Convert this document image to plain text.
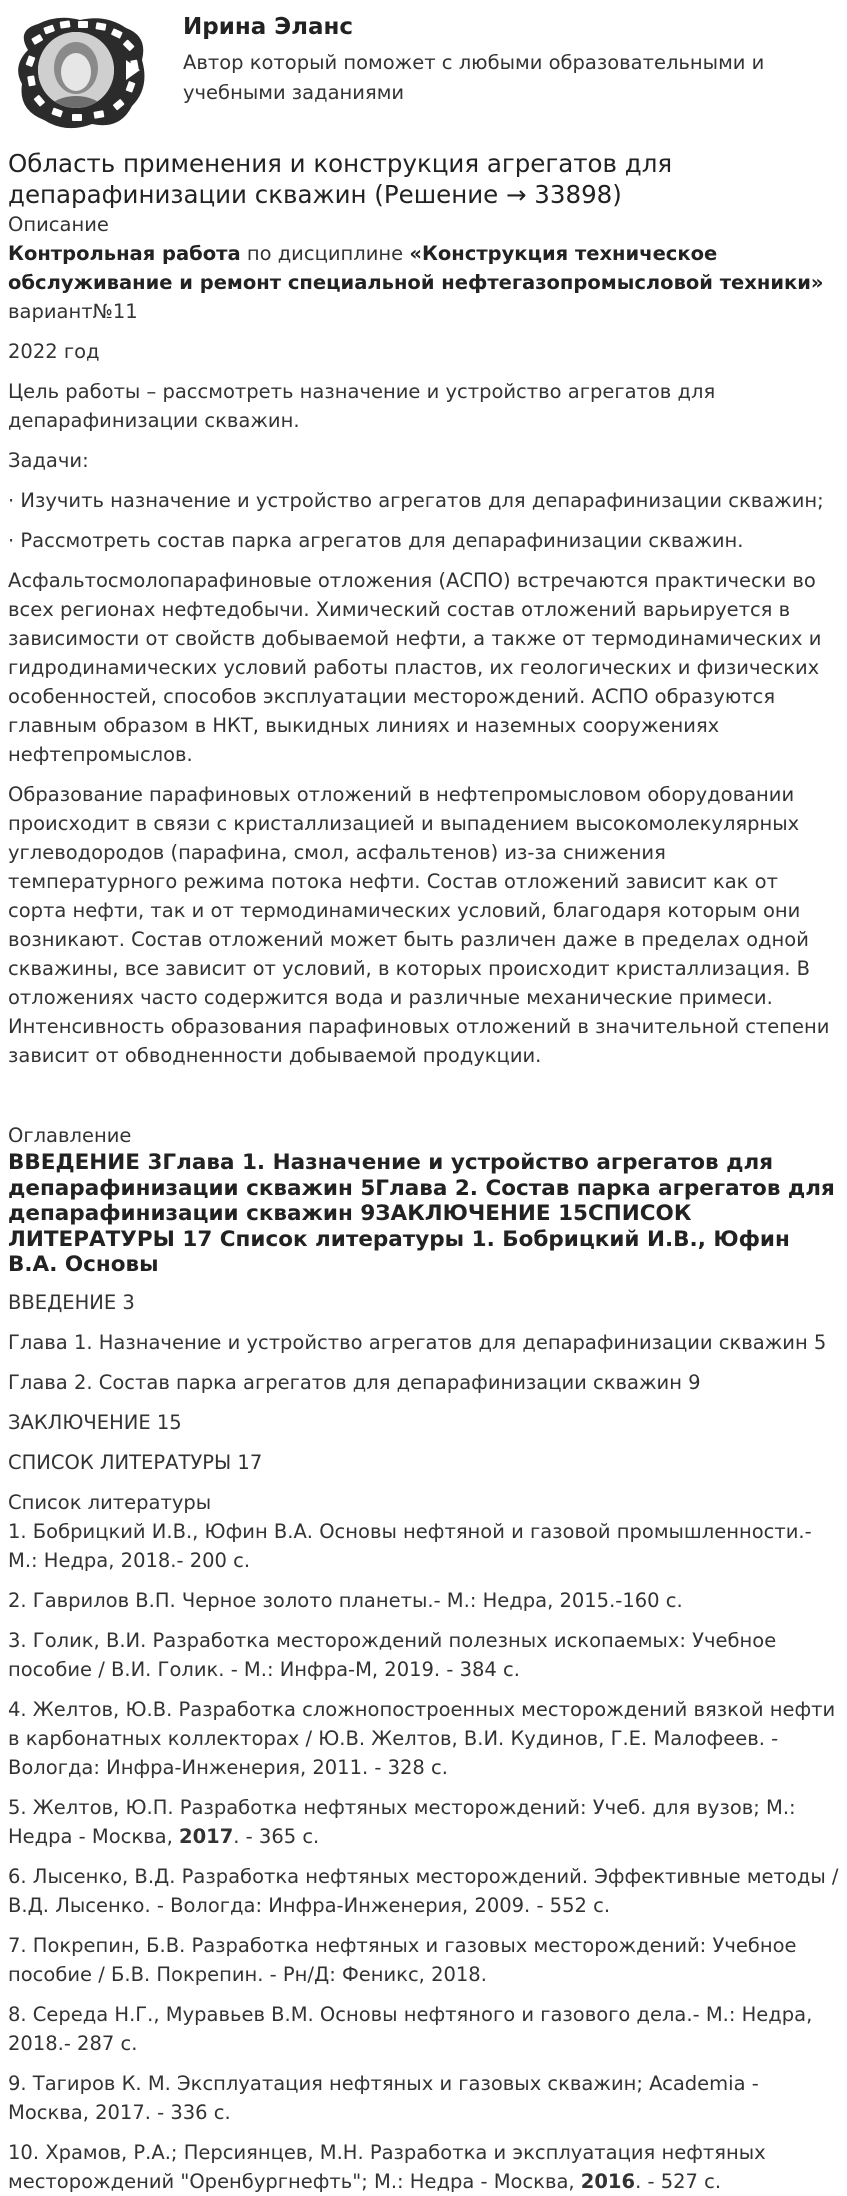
Ирина Эланс
Автор который поможет с любыми образовательными и учебными заданиями
Область применения и конструкция агрегатов для депарафинизации скважин (Решение → 33898)
Описание

Контрольная работа по дисциплине «Конструкция техническое обслуживание и ремонт специальной нефтегазопромысловой техники» вариант№11

2022 год

Цель работы – рассмотреть назначение и устройство агрегатов для депарафинизации скважин.

Задачи:

· Изучить назначение и устройство агрегатов для депарафинизации скважин;

· Рассмотреть состав парка агрегатов для депарафинизации скважин.

Асфальтосмолопарафиновые отложения (АСПО) встречаются практически во всех регионах нефтедобычи. Химический состав отложений варьируется в зависимости от свойств добываемой нефти, а также от термодинамических и гидродинамических условий работы пластов, их геологических и физических особенностей, способов эксплуатации месторождений. АСПО образуются главным образом в НКТ, выкидных линиях и наземных сооружениях нефтепромыслов.

Образование парафиновых отложений в нефтепромысловом оборудовании происходит в связи с кристаллизацией и выпадением высокомолекулярных углеводородов (парафина, смол, асфальтенов) из-за снижения температурного режима потока нефти. Состав отложений зависит как от сорта нефти, так и от термодинамических условий, благодаря которым они возникают. Состав отложений может быть различен даже в пределах одной скважины, все зависит от условий, в которых происходит кристаллизация. В отложениях часто содержится вода и различные механические примеси. Интенсивность образования парафиновых отложений в значительной степени зависит от обводненности добываемой продукции.

Оглавление
ВВЕДЕНИЕ 3Глава 1. Назначение и устройство агрегатов для депарафинизации скважин 5Глава 2. Состав парка агрегатов для депарафинизации скважин 9ЗАКЛЮЧЕНИЕ 15СПИСОК ЛИТЕРАТУРЫ 17 Список литературы 1. Бобрицкий И.В., Юфин В.А. Основы

ВВЕДЕНИЕ 3

Глава 1. Назначение и устройство агрегатов для депарафинизации скважин 5

Глава 2. Состав парка агрегатов для депарафинизации скважин 9

ЗАКЛЮЧЕНИЕ 15

СПИСОК ЛИТЕРАТУРЫ 17

Список литературы

1. Бобрицкий И.В., Юфин В.А. Основы нефтяной и газовой промышленности.- М.: Недра, 2018.- 200 с.

2. Гаврилов В.П. Черное золото планеты.- М.: Недра, 2015.-160 с.

3. Голик, В.И. Разработка месторождений полезных ископаемых: Учебное пособие / В.И. Голик. - М.: Инфра-М, 2019. - 384 c.

4. Желтов, Ю.В. Разработка сложнопостроенных месторождений вязкой нефти в карбонатных коллекторах / Ю.В. Желтов, В.И. Кудинов, Г.Е. Малофеев. - Вологда: Инфра-Инженерия, 2011. - 328 c.

5. Желтов, Ю.П. Разработка нефтяных месторождений: Учеб. для вузов; М.: Недра - Москва, 2017. - 365 с.

6. Лысенко, В.Д. Разработка нефтяных месторождений. Эффективные методы / В.Д. Лысенко. - Вологда: Инфра-Инженерия, 2009. - 552 c.

7. Покрепин, Б.В. Разработка нефтяных и газовых месторождений: Учебное пособие / Б.В. Покрепин. - Рн/Д: Феникс, 2018.

8. Середа Н.Г., Муравьев В.М. Основы нефтяного и газового дела.- М.: Недра, 2018.- 287 с.

9. Тагиров К. М. Эксплуатация нефтяных и газовых скважин; Academia - Москва, 2017. - 336 с.

10. Храмов, Р.А.; Персиянцев, М.Н. Разработка и эксплуатация нефтяных месторождений "Оренбургнефть"; М.: Недра - Москва, 2016. - 527 с.
